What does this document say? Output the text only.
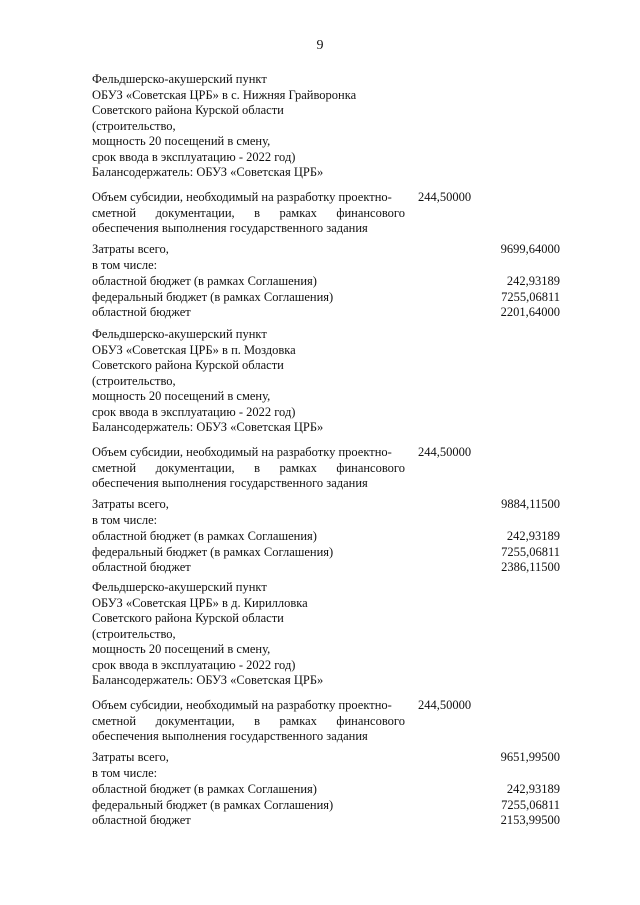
9
Фельдшерско-акушерский пункт
ОБУЗ «Советская ЦРБ» в с. Нижняя Грайворонка
Советского района Курской области
(строительство,
мощность 20 посещений в смену,
срок ввода в эксплуатацию - 2022 год)
Балансодержатель: ОБУЗ «Советская ЦРБ»
Объем субсидии, необходимый на разработку проектно-
сметной документации, в рамках финансового
обеспечения выполнения государственного задания
244,50000
Затраты всего,	9699,64000
в том числе:
областной бюджет (в рамках Соглашения)	242,93189
федеральный бюджет (в рамках Соглашения)	7255,06811
областной бюджет	2201,64000
Фельдшерско-акушерский пункт
ОБУЗ «Советская ЦРБ» в п. Моздовка
Советского района Курской области
(строительство,
мощность 20 посещений в смену,
срок ввода в эксплуатацию - 2022 год)
Балансодержатель: ОБУЗ «Советская ЦРБ»
Объем субсидии, необходимый на разработку проектно-
сметной документации, в рамках финансового
обеспечения выполнения государственного задания
244,50000
Затраты всего,	9884,11500
в том числе:
областной бюджет (в рамках Соглашения)	242,93189
федеральный бюджет (в рамках Соглашения)	7255,06811
областной бюджет	2386,11500
Фельдшерско-акушерский пункт
ОБУЗ «Советская ЦРБ» в д. Кирилловка
Советского района Курской области
(строительство,
мощность 20 посещений в смену,
срок ввода в эксплуатацию - 2022 год)
Балансодержатель: ОБУЗ «Советская ЦРБ»
Объем субсидии, необходимый на разработку проектно-
сметной документации, в рамках финансового
обеспечения выполнения государственного задания
244,50000
Затраты всего,	9651,99500
в том числе:
областной бюджет (в рамках Соглашения)	242,93189
федеральный бюджет (в рамках Соглашения)	7255,06811
областной бюджет	2153,99500
